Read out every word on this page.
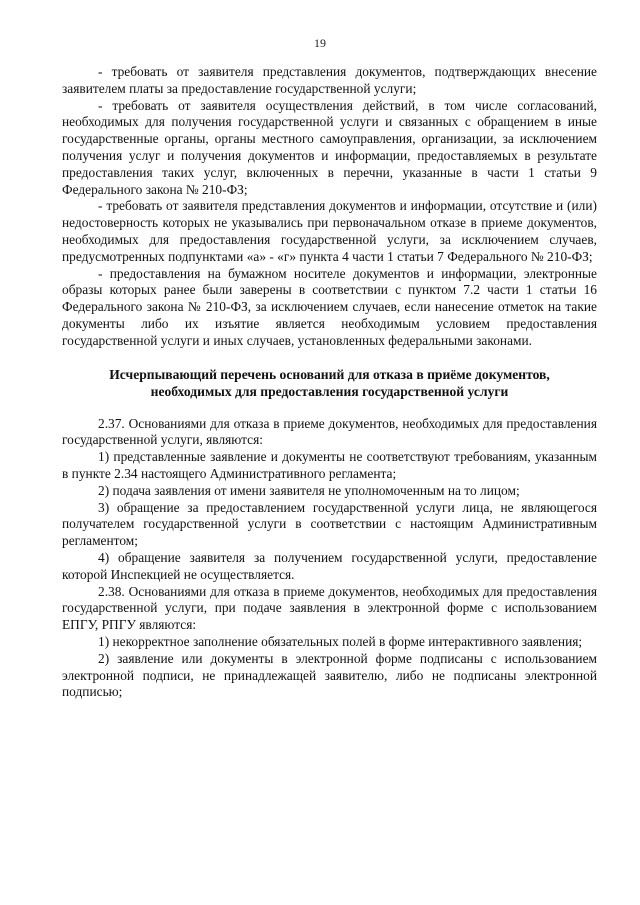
19

- требовать от заявителя представления документов, подтверждающих внесение заявителем платы за предоставление государственной услуги;

- требовать от заявителя осуществления действий, в том числе согласований, необходимых для получения государственной услуги и связанных с обращением в иные государственные органы, органы местного самоуправления, организации, за исключением получения услуг и получения документов и информации, предоставляемых в результате предоставления таких услуг, включенных в перечни, указанные в части 1 статьи 9 Федерального закона № 210-ФЗ;

- требовать от заявителя представления документов и информации, отсутствие и (или) недостоверность которых не указывались при первоначальном отказе в приеме документов, необходимых для предоставления государственной услуги, за исключением случаев, предусмотренных подпунктами «а» - «г» пункта 4 части 1 статьи 7 Федерального № 210-ФЗ;

- предоставления на бумажном носителе документов и информации, электронные образы которых ранее были заверены в соответствии с пунктом 7.2 части 1 статьи 16 Федерального закона № 210-ФЗ, за исключением случаев, если нанесение отметок на такие документы либо их изъятие является необходимым условием предоставления государственной услуги и иных случаев, установленных федеральными законами.

Исчерпывающий перечень оснований для отказа в приёме документов,
необходимых для предоставления государственной услуги

2.37. Основаниями для отказа в приеме документов, необходимых для предоставления государственной услуги, являются:

1) представленные заявление и документы не соответствуют требованиям, указанным в пункте 2.34 настоящего Административного регламента;

2) подача заявления от имени заявителя не уполномоченным на то лицом;

3) обращение за предоставлением государственной услуги лица, не являющегося получателем государственной услуги в соответствии с настоящим Административным регламентом;

4) обращение заявителя за получением государственной услуги, предоставление которой Инспекцией не осуществляется.

2.38. Основаниями для отказа в приеме документов, необходимых для предоставления государственной услуги, при подаче заявления в электронной форме с использованием ЕПГУ, РПГУ являются:

1) некорректное заполнение обязательных полей в форме интерактивного заявления;

2) заявление или документы в электронной форме подписаны с использованием электронной подписи, не принадлежащей заявителю, либо не подписаны электронной подписью;
